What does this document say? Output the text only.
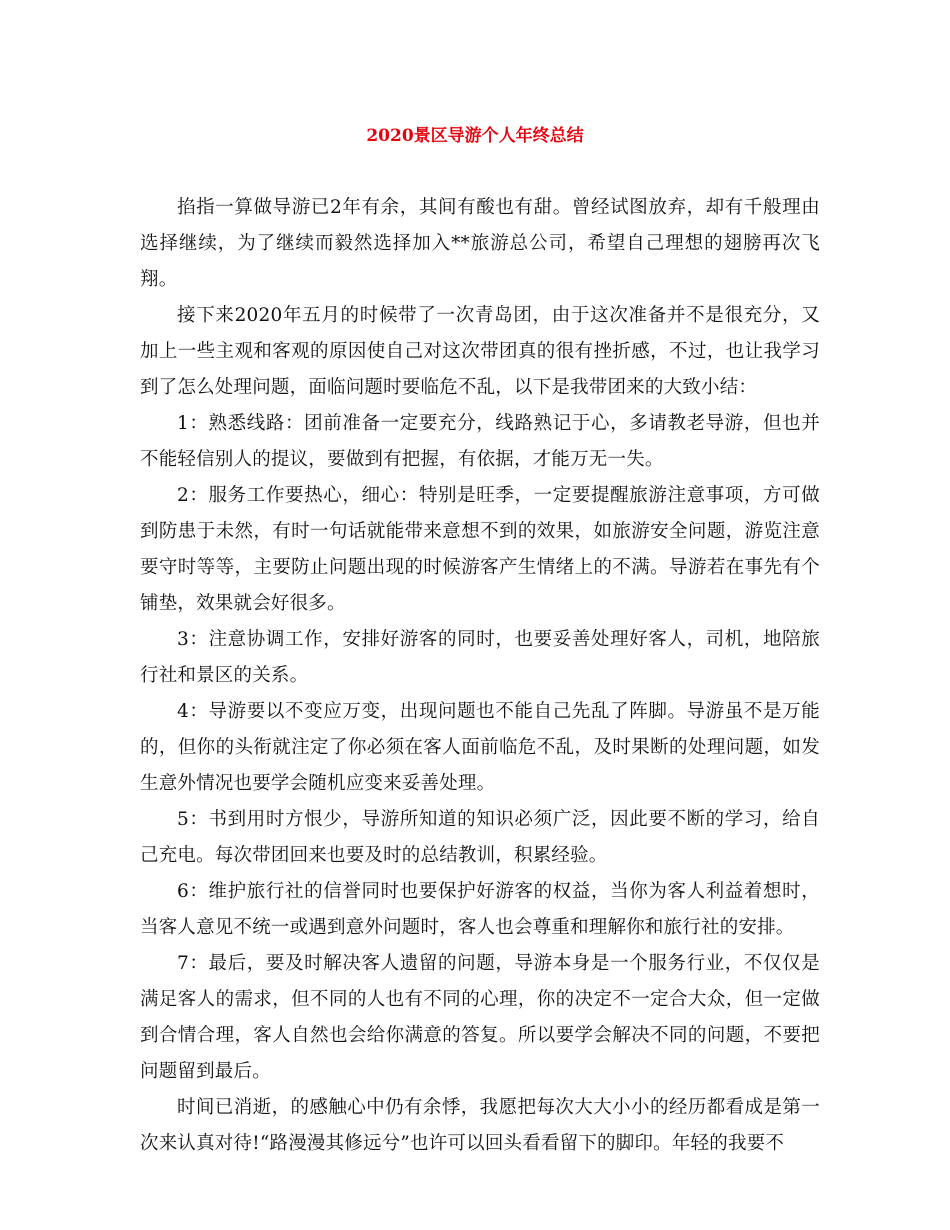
2020景区导游个人年终总结

掐指一算做导游已2年有余，其间有酸也有甜。曾经试图放弃，却有千般理由选择继续，为了继续而毅然选择加入**旅游总公司，希望自己理想的翅膀再次飞翔。

接下来2020年五月的时候带了一次青岛团，由于这次准备并不是很充分，又加上一些主观和客观的原因使自己对这次带团真的很有挫折感，不过，也让我学习到了怎么处理问题，面临问题时要临危不乱，以下是我带团来的大致小结：

1：熟悉线路：团前准备一定要充分，线路熟记于心，多请教老导游，但也并不能轻信别人的提议，要做到有把握，有依据，才能万无一失。

2：服务工作要热心，细心：特别是旺季，一定要提醒旅游注意事项，方可做到防患于未然，有时一句话就能带来意想不到的效果，如旅游安全问题，游览注意要守时等等，主要防止问题出现的时候游客产生情绪上的不满。导游若在事先有个铺垫，效果就会好很多。

3：注意协调工作，安排好游客的同时，也要妥善处理好客人，司机，地陪旅行社和景区的关系。

4：导游要以不变应万变，出现问题也不能自己先乱了阵脚。导游虽不是万能的，但你的头衔就注定了你必须在客人面前临危不乱，及时果断的处理问题，如发生意外情况也要学会随机应变来妥善处理。

5：书到用时方恨少，导游所知道的知识必须广泛，因此要不断的学习，给自己充电。每次带团回来也要及时的总结教训，积累经验。

6：维护旅行社的信誉同时也要保护好游客的权益，当你为客人利益着想时，当客人意见不统一或遇到意外问题时，客人也会尊重和理解你和旅行社的安排。

7：最后，要及时解决客人遗留的问题，导游本身是一个服务行业，不仅仅是满足客人的需求，但不同的人也有不同的心理，你的决定不一定合大众，但一定做到合情合理，客人自然也会给你满意的答复。所以要学会解决不同的问题，不要把问题留到最后。

时间已消逝，的感触心中仍有余悸，我愿把每次大大小小的经历都看成是第一次来认真对待!“路漫漫其修远兮”也许可以回头看看留下的脚印。年轻的我要不
